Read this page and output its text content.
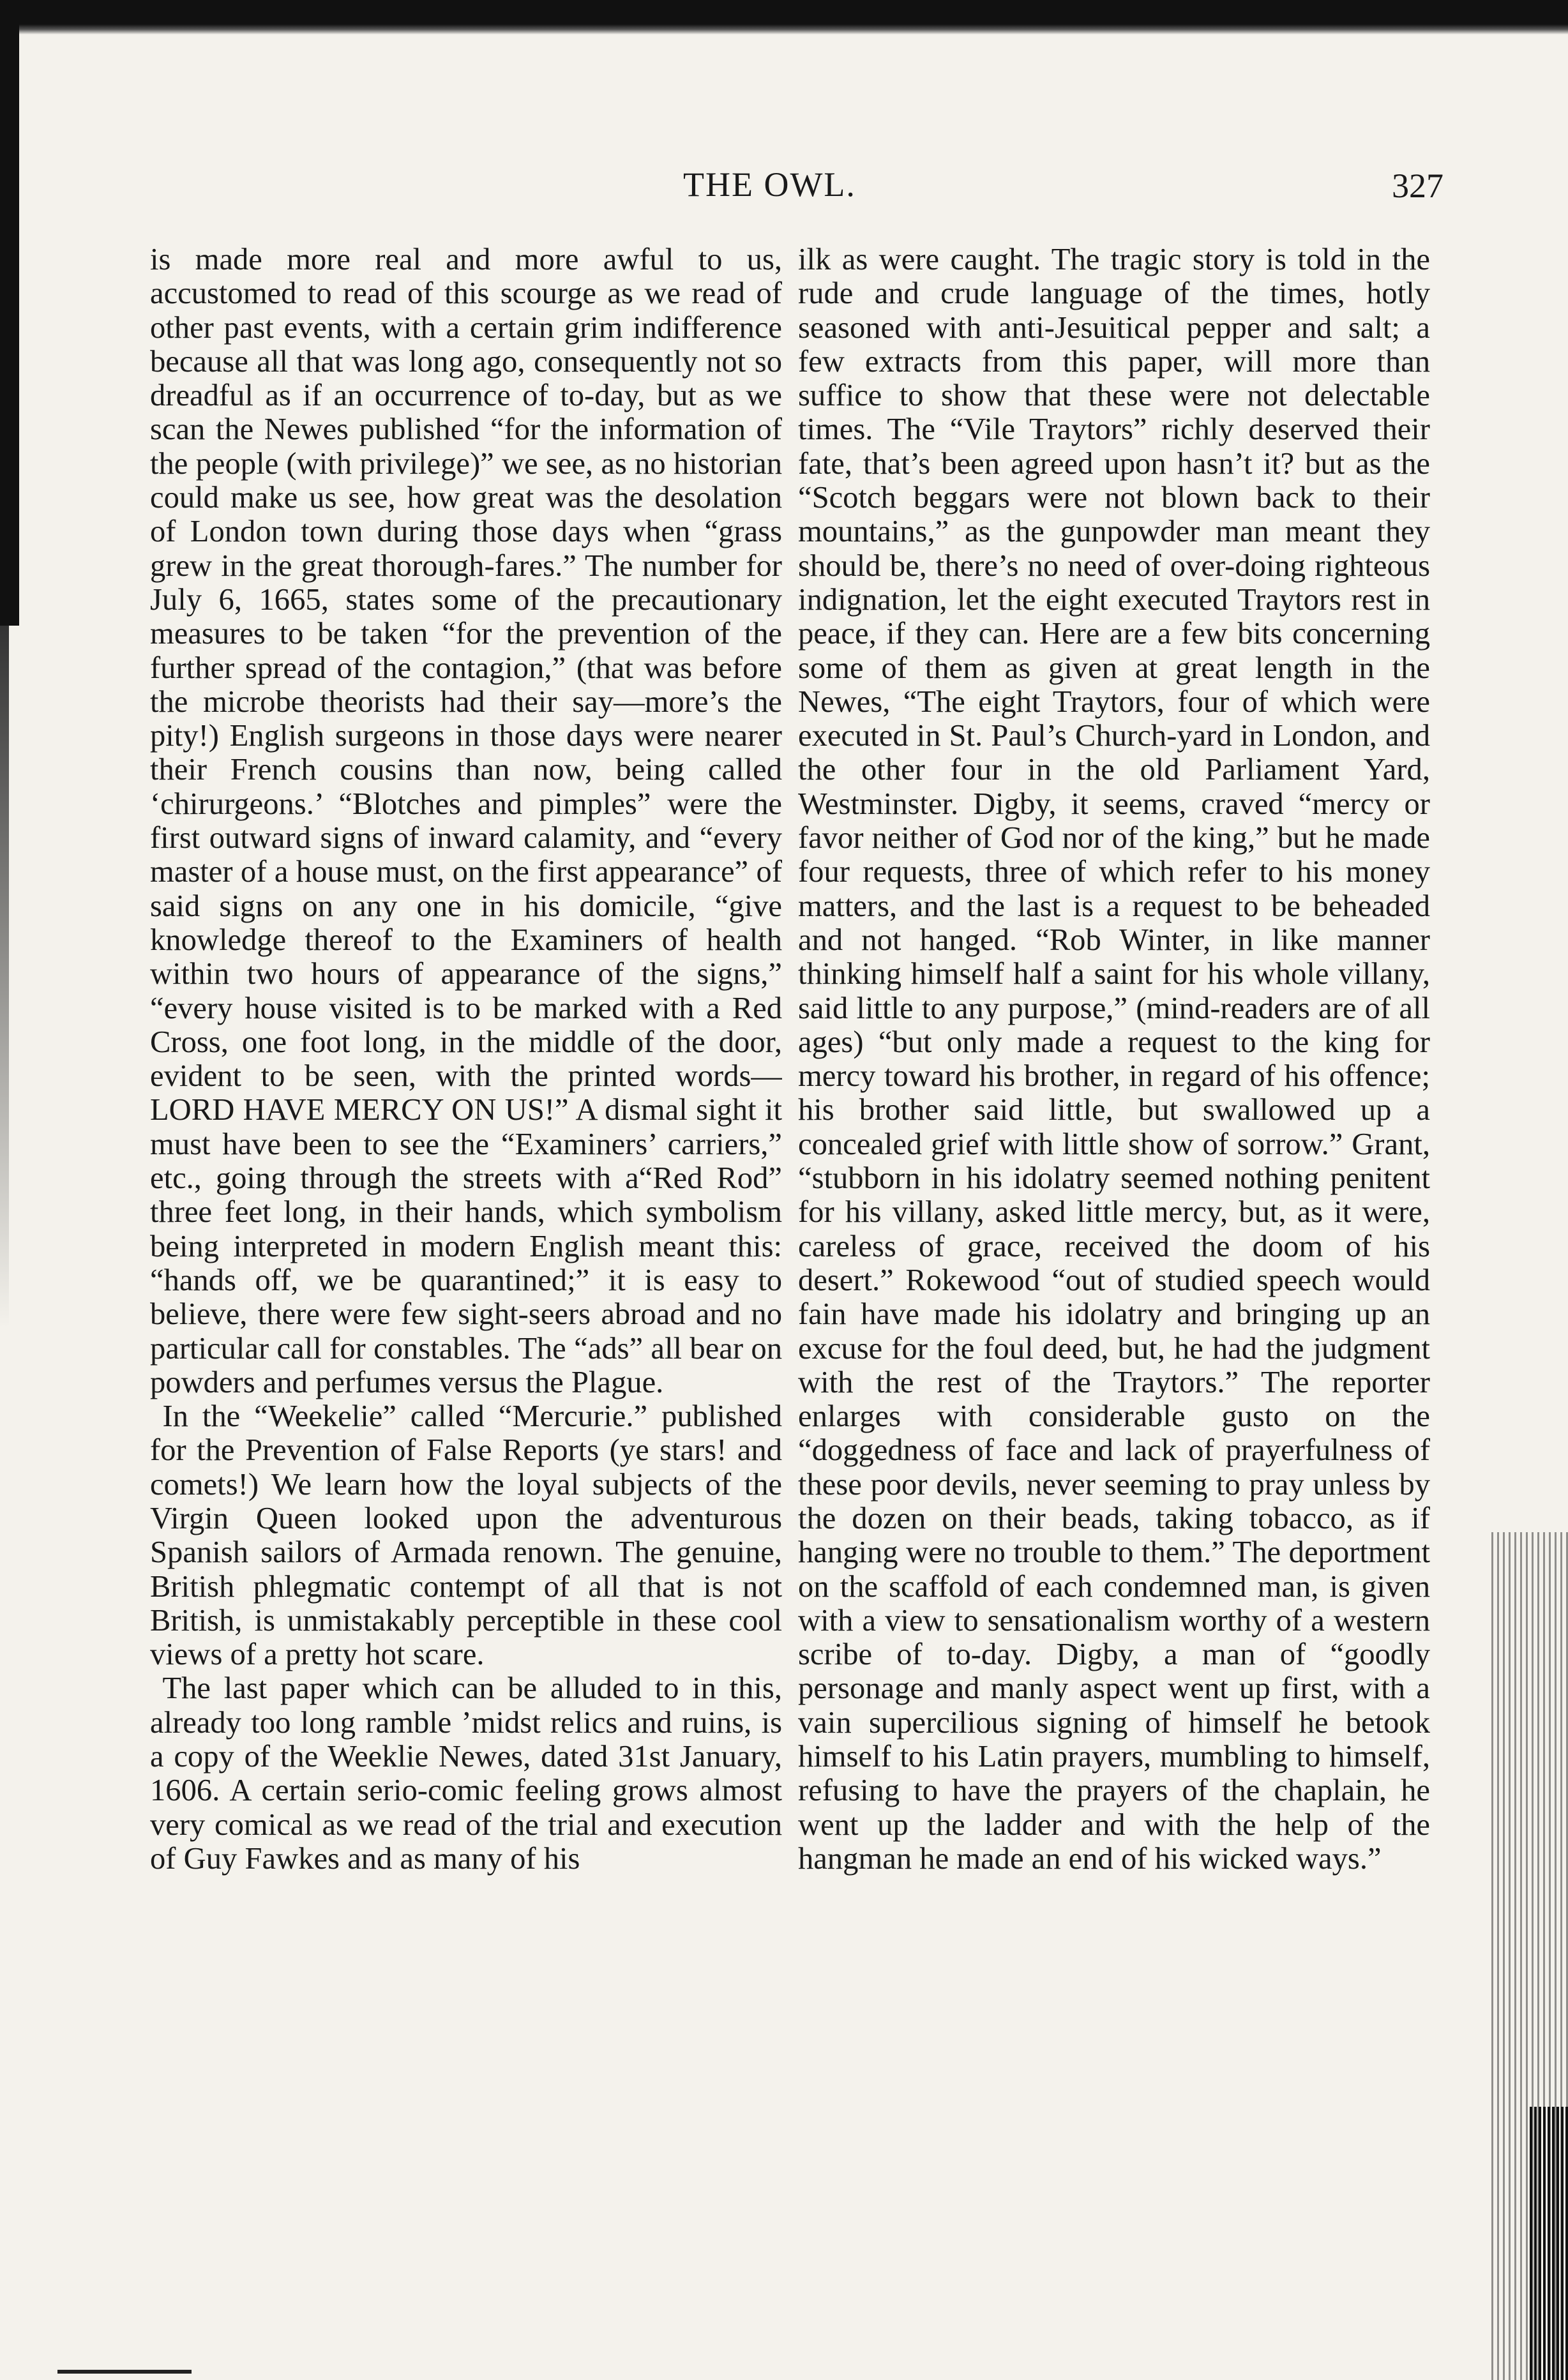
THE OWL.	327

is made more real and more awful to us, accustomed to read of this scourge as we read of other past events, with a certain grim indifference because all that was long ago, consequently not so dreadful as if an occurrence of to-day, but as we scan the Newes published “for the information of the people (with privilege)” we see, as no historian could make us see, how great was the desolation of London town during those days when “grass grew in the great thorough-fares.” The number for July 6, 1665, states some of the precautionary measures to be taken “for the prevention of the further spread of the contagion,” (that was before the microbe theorists had their say—more’s the pity!) English surgeons in those days were nearer their French cousins than now, being called ‘chirurgeons.’ “Blotches and pimples” were the first outward signs of inward calamity, and “every master of a house must, on the first appearance” of said signs on any one in his domicile, “give knowledge thereof to the Examiners of health within two hours of appearance of the signs,” “every house visited is to be marked with a Red Cross, one foot long, in the middle of the door, evident to be seen, with the printed words—LORD HAVE MERCY ON US!” A dismal sight it must have been to see the “Examiners’ carriers,” etc., going through the streets with a“Red Rod” three feet long, in their hands, which symbolism being interpreted in modern English meant this: “hands off, we be quarantined;” it is easy to believe, there were few sight-seers abroad and no particular call for constables. The “ads” all bear on powders and perfumes versus the Plague.

In the “Weekelie” called “Mercurie.” published for the Prevention of False Reports (ye stars! and comets!) We learn how the loyal subjects of the Virgin Queen looked upon the adventurous Spanish sailors of Armada renown. The genuine, British phlegmatic contempt of all that is not British, is unmistakably perceptible in these cool views of a pretty hot scare.

The last paper which can be alluded to in this, already too long ramble ’midst relics and ruins, is a copy of the Weeklie Newes, dated 31st January, 1606. A certain serio-comic feeling grows almost very comical as we read of the trial and execution of Guy Fawkes and as many of his

ilk as were caught. The tragic story is told in the rude and crude language of the times, hotly seasoned with anti-Jesuitical pepper and salt; a few extracts from this paper, will more than suffice to show that these were not delectable times. The “Vile Traytors” richly deserved their fate, that’s been agreed upon hasn’t it? but as the “Scotch beggars were not blown back to their mountains,” as the gunpowder man meant they should be, there’s no need of over-doing righteous indignation, let the eight executed Traytors rest in peace, if they can. Here are a few bits concerning some of them as given at great length in the Newes, “The eight Traytors, four of which were executed in St. Paul’s Church-yard in London, and the other four in the old Parliament Yard, Westminster. Digby, it seems, craved “mercy or favor neither of God nor of the king,” but he made four requests, three of which refer to his money matters, and the last is a request to be beheaded and not hanged. “Rob Winter, in like manner thinking himself half a saint for his whole villany, said little to any purpose,” (mind-readers are of all ages) “but only made a request to the king for mercy toward his brother, in regard of his offence; his brother said little, but swallowed up a concealed grief with little show of sorrow.” Grant, “stubborn in his idolatry seemed nothing penitent for his villany, asked little mercy, but, as it were, careless of grace, received the doom of his desert.” Rokewood “out of studied speech would fain have made his idolatry and bringing up an excuse for the foul deed, but, he had the judgment with the rest of the Traytors.” The reporter enlarges with considerable gusto on the “doggedness of face and lack of prayerfulness of these poor devils, never seeming to pray unless by the dozen on their beads, taking tobacco, as if hanging were no trouble to them.” The deportment on the scaffold of each condemned man, is given with a view to sensationalism worthy of a western scribe of to-day. Digby, a man of “goodly personage and manly aspect went up first, with a vain supercilious signing of himself he betook himself to his Latin prayers, mumbling to himself, refusing to have the prayers of the chaplain, he went up the ladder and with the help of the hangman he made an end of his wicked ways.”
